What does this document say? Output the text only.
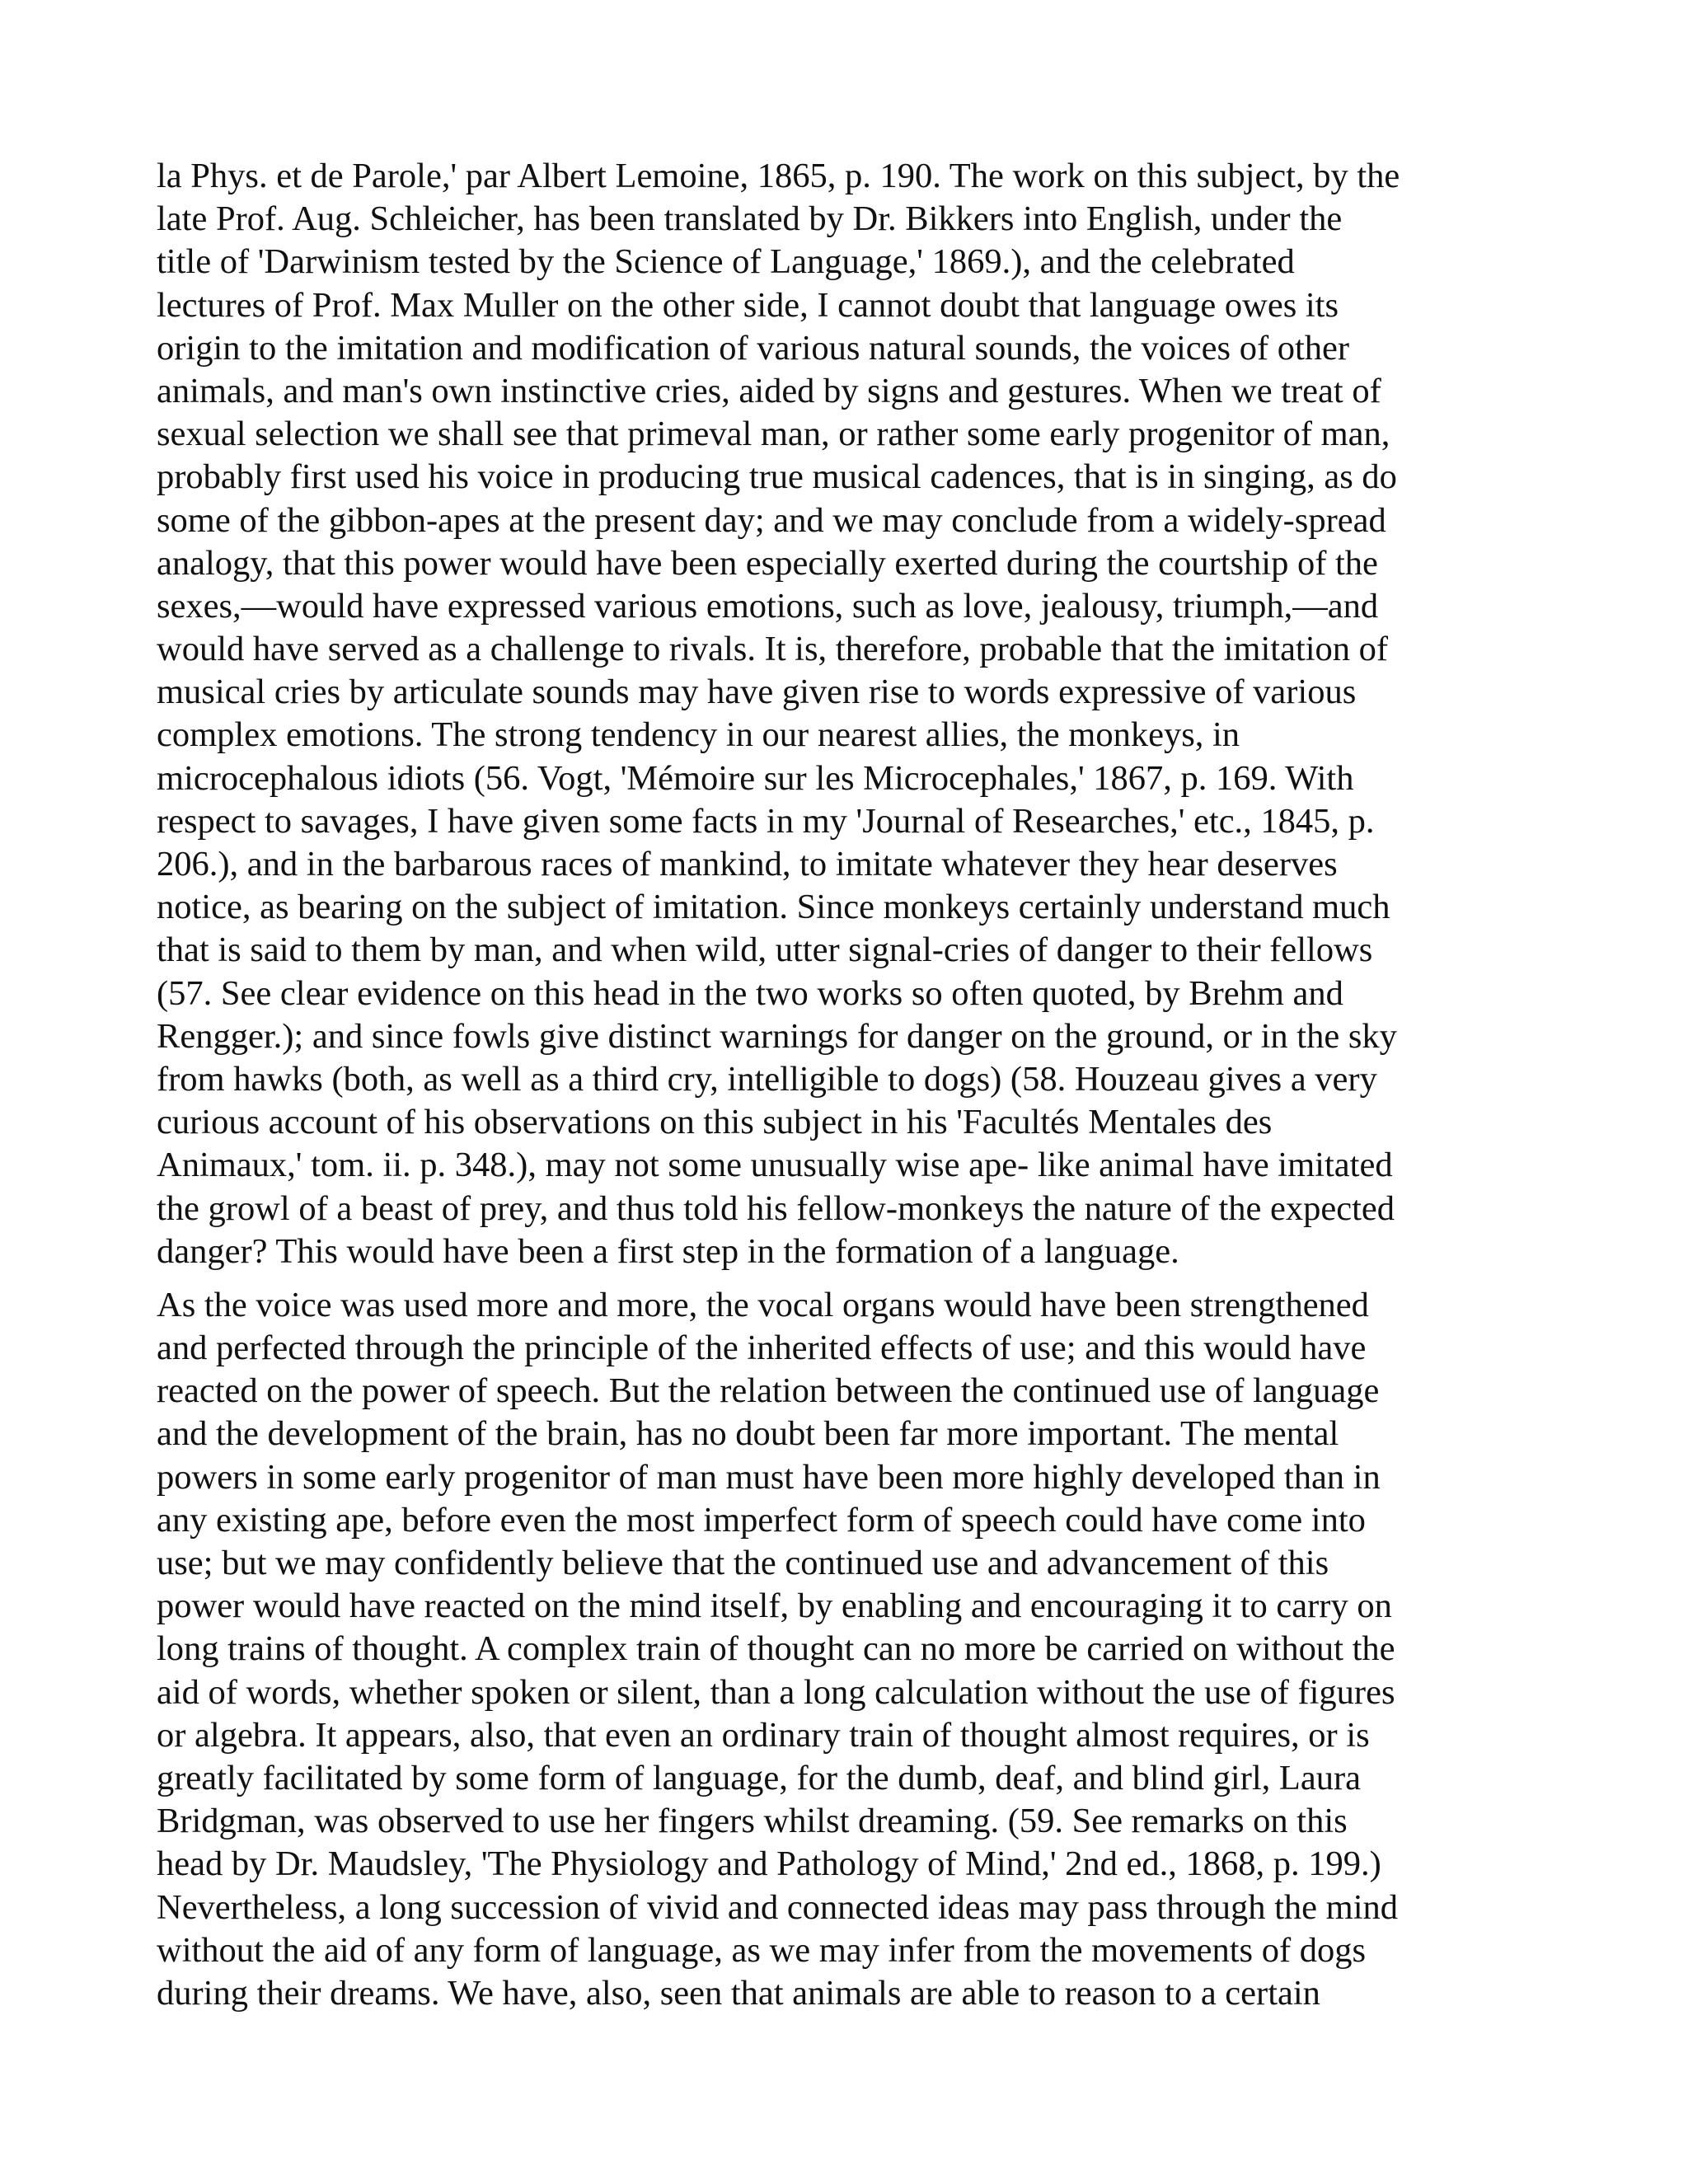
la Phys. et de Parole,' par Albert Lemoine, 1865, p. 190. The work on this subject, by the
late Prof. Aug. Schleicher, has been translated by Dr. Bikkers into English, under the
title of 'Darwinism tested by the Science of Language,' 1869.), and the celebrated
lectures of Prof. Max Muller on the other side, I cannot doubt that language owes its
origin to the imitation and modification of various natural sounds, the voices of other
animals, and man's own instinctive cries, aided by signs and gestures. When we treat of
sexual selection we shall see that primeval man, or rather some early progenitor of man,
probably first used his voice in producing true musical cadences, that is in singing, as do
some of the gibbon-apes at the present day; and we may conclude from a widely-spread
analogy, that this power would have been especially exerted during the courtship of the
sexes,—would have expressed various emotions, such as love, jealousy, triumph,—and
would have served as a challenge to rivals. It is, therefore, probable that the imitation of
musical cries by articulate sounds may have given rise to words expressive of various
complex emotions. The strong tendency in our nearest allies, the monkeys, in
microcephalous idiots (56. Vogt, 'Mémoire sur les Microcephales,' 1867, p. 169. With
respect to savages, I have given some facts in my 'Journal of Researches,' etc., 1845, p.
206.), and in the barbarous races of mankind, to imitate whatever they hear deserves
notice, as bearing on the subject of imitation. Since monkeys certainly understand much
that is said to them by man, and when wild, utter signal-cries of danger to their fellows
(57. See clear evidence on this head in the two works so often quoted, by Brehm and
Rengger.); and since fowls give distinct warnings for danger on the ground, or in the sky
from hawks (both, as well as a third cry, intelligible to dogs) (58. Houzeau gives a very
curious account of his observations on this subject in his 'Facultés Mentales des
Animaux,' tom. ii. p. 348.), may not some unusually wise ape- like animal have imitated
the growl of a beast of prey, and thus told his fellow-monkeys the nature of the expected
danger? This would have been a first step in the formation of a language.

As the voice was used more and more, the vocal organs would have been strengthened
and perfected through the principle of the inherited effects of use; and this would have
reacted on the power of speech. But the relation between the continued use of language
and the development of the brain, has no doubt been far more important. The mental
powers in some early progenitor of man must have been more highly developed than in
any existing ape, before even the most imperfect form of speech could have come into
use; but we may confidently believe that the continued use and advancement of this
power would have reacted on the mind itself, by enabling and encouraging it to carry on
long trains of thought. A complex train of thought can no more be carried on without the
aid of words, whether spoken or silent, than a long calculation without the use of figures
or algebra. It appears, also, that even an ordinary train of thought almost requires, or is
greatly facilitated by some form of language, for the dumb, deaf, and blind girl, Laura
Bridgman, was observed to use her fingers whilst dreaming. (59. See remarks on this
head by Dr. Maudsley, 'The Physiology and Pathology of Mind,' 2nd ed., 1868, p. 199.)
Nevertheless, a long succession of vivid and connected ideas may pass through the mind
without the aid of any form of language, as we may infer from the movements of dogs
during their dreams. We have, also, seen that animals are able to reason to a certain
